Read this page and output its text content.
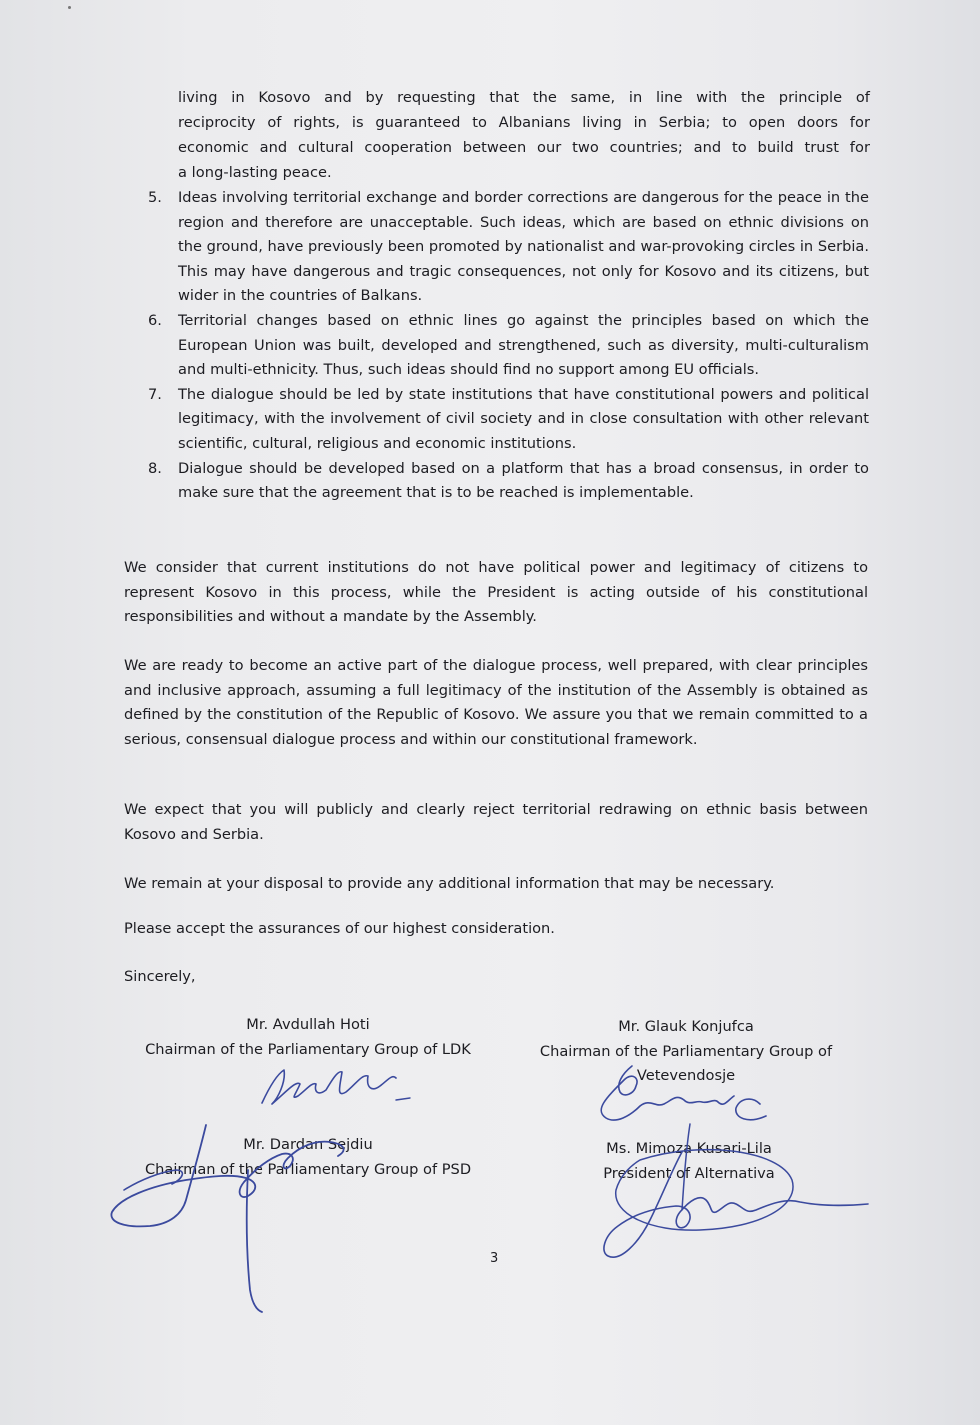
living in Kosovo and by requesting that the same, in line with the principle of
reciprocity of rights, is guaranteed to Albanians living in Serbia; to open doors for
economic and cultural cooperation between our two countries; and to build trust for
a long-lasting peace.
5. Ideas involving territorial exchange and border corrections are dangerous for the peace in the region and therefore are unacceptable. Such ideas, which are based on ethnic divisions on the ground, have previously been promoted by nationalist and war-provoking circles in Serbia. This may have dangerous and tragic consequences, not only for Kosovo and its citizens, but wider in the countries of Balkans.
6. Territorial changes based on ethnic lines go against the principles based on which the European Union was built, developed and strengthened, such as diversity, multi-culturalism and multi-ethnicity. Thus, such ideas should find no support among EU officials.
7. The dialogue should be led by state institutions that have constitutional powers and political legitimacy, with the involvement of civil society and in close consultation with other relevant scientific, cultural, religious and economic institutions.
8. Dialogue should be developed based on a platform that has a broad consensus, in order to make sure that the agreement that is to be reached is implementable.

We consider that current institutions do not have political power and legitimacy of citizens to represent Kosovo in this process, while the President is acting outside of his constitutional responsibilities and without a mandate by the Assembly.

We are ready to become an active part of the dialogue process, well prepared, with clear principles and inclusive approach, assuming a full legitimacy of the institution of the Assembly is obtained as defined by the constitution of the Republic of Kosovo. We assure you that we remain committed to a serious, consensual dialogue process and within our constitutional framework.

We expect that you will publicly and clearly reject territorial redrawing on ethnic basis between Kosovo and Serbia.

We remain at your disposal to provide any additional information that may be necessary.

Please accept the assurances of our highest consideration.

Sincerely,

Mr. Avdullah Hoti
Chairman of the Parliamentary Group of LDK
Mr. Glauk Konjufca
Chairman of the Parliamentary Group of
Vetevendosje
Mr. Dardan Sejdiu
Chairman of the Parliamentary Group of PSD
Ms. Mimoza Kusari-Lila
President of Alternativa
3
